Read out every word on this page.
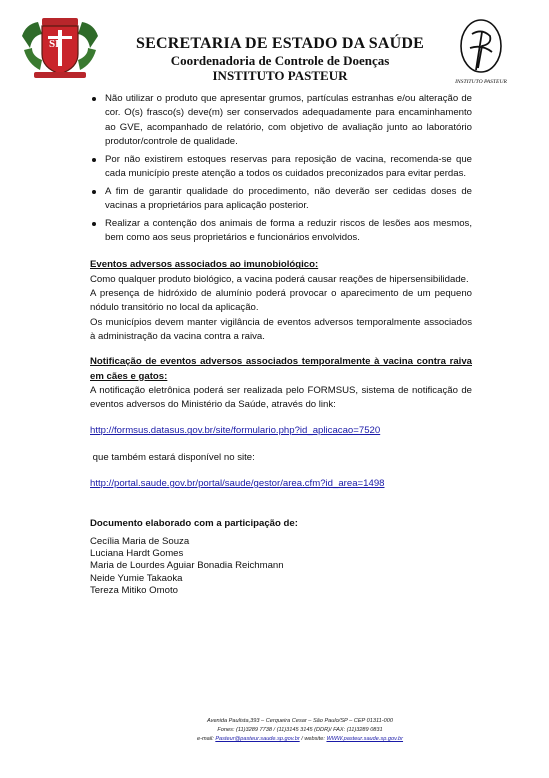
SP	SECRETARIA DE ESTADO DA SAÚDE
Coordenadoria de Controle de Doenças
INSTITUTO PASTEUR	INSTITUTO PASTEUR
Não utilizar o produto que apresentar grumos, partículas estranhas e/ou alteração de cor. O(s) frasco(s) deve(m) ser conservados adequadamente para encaminhamento ao GVE, acompanhado de relatório, com objetivo de avaliação junto ao laboratório produtor/controle de qualidade.
Por não existirem estoques reservas para reposição de vacina, recomenda-se que cada município preste atenção a todos os cuidados preconizados para evitar perdas.
A fim de garantir qualidade do procedimento, não deverão ser cedidas doses de vacinas a proprietários para aplicação posterior.
Realizar a contenção dos animais de forma a reduzir riscos de lesões aos mesmos, bem como aos seus proprietários e funcionários envolvidos.
Eventos adversos associados ao imunobiológico:

Como qualquer produto biológico, a vacina poderá causar reações de hipersensibilidade.

A presença de hidróxido de alumínio poderá provocar o aparecimento de um pequeno nódulo transitório no local da aplicação.

Os municípios devem manter vigilância de eventos adversos temporalmente associados à administração da vacina contra a raiva.

Notificação de eventos adversos associados temporalmente à vacina contra raiva em cães e gatos:

A notificação eletrônica poderá ser realizada pelo FORMSUS, sistema de notificação de eventos adversos do Ministério da Saúde, através do link:

http://formsus.datasus.gov.br/site/formulario.php?id_aplicacao=7520

que também estará disponível no site:

http://portal.saude.gov.br/portal/saude/gestor/area.cfm?id_area=1498
Documento elaborado com a participação de:
Cecília Maria de Souza
Luciana Hardt Gomes
Maria de Lourdes Aguiar Bonadia Reichmann
Neide Yumie Takaoka
Tereza Mitiko Omoto
Avenida Paulista,393 – Cerqueira Cesar – São Paulo/SP – CEP 01311-000
Fones: (11)3289 7738 / (11)3145 3145 (DDR)/ FAX: (11)3289 0831
e-mail: Pasteur@pasteur.saude.sp.gov.br / website: WWW.pasteur.saude.sp.gov.br
